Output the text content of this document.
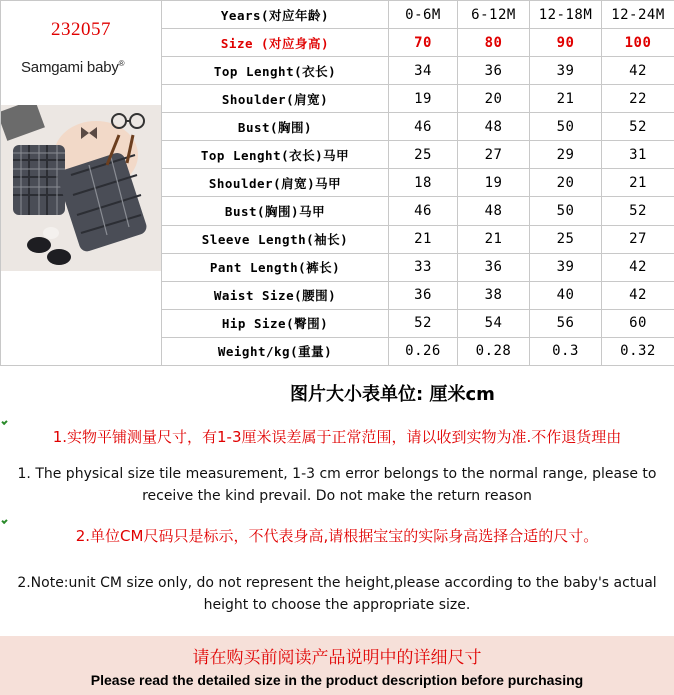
232057
Samgami baby®	Years(对应年龄)	0-6M	6-12M	12-18M	12-24M
	Size (对应身高)	70	80	90	100
	Top Lenght(衣长)	34	36	39	42
	Shoulder(肩宽)	19	20	21	22
	Bust(胸围)	46	48	50	52
	Top Lenght(衣长)马甲	25	27	29	31
	Shoulder(肩宽)马甲	18	19	20	21
	Bust(胸围)马甲	46	48	50	52
	Sleeve Length(袖长)	21	21	25	27
	Pant Length(裤长)	33	36	39	42
	Waist Size(腰围)	36	38	40	42
	Hip Size(臀围)	52	54	56	60
	Weight/kg(重量)	0.26	0.28	0.3	0.32
图片大小表单位: 厘米cm
1.实物平铺测量尺寸，有1-3厘米误差属于正常范围，请以收到实物为准.不作退货理由
1. The physical size tile measurement, 1-3 cm error belongs to the normal range, please to
receive the kind prevail. Do not make the return reason
2.单位CM尺码只是标示，不代表身高,请根据宝宝的实际身高选择合适的尺寸。
2.Note:unit CM size only, do not represent the height,please according to the baby's actual
height to choose the appropriate size.
请在购买前阅读产品说明中的详细尺寸
Please read the detailed size in the product description before purchasing
